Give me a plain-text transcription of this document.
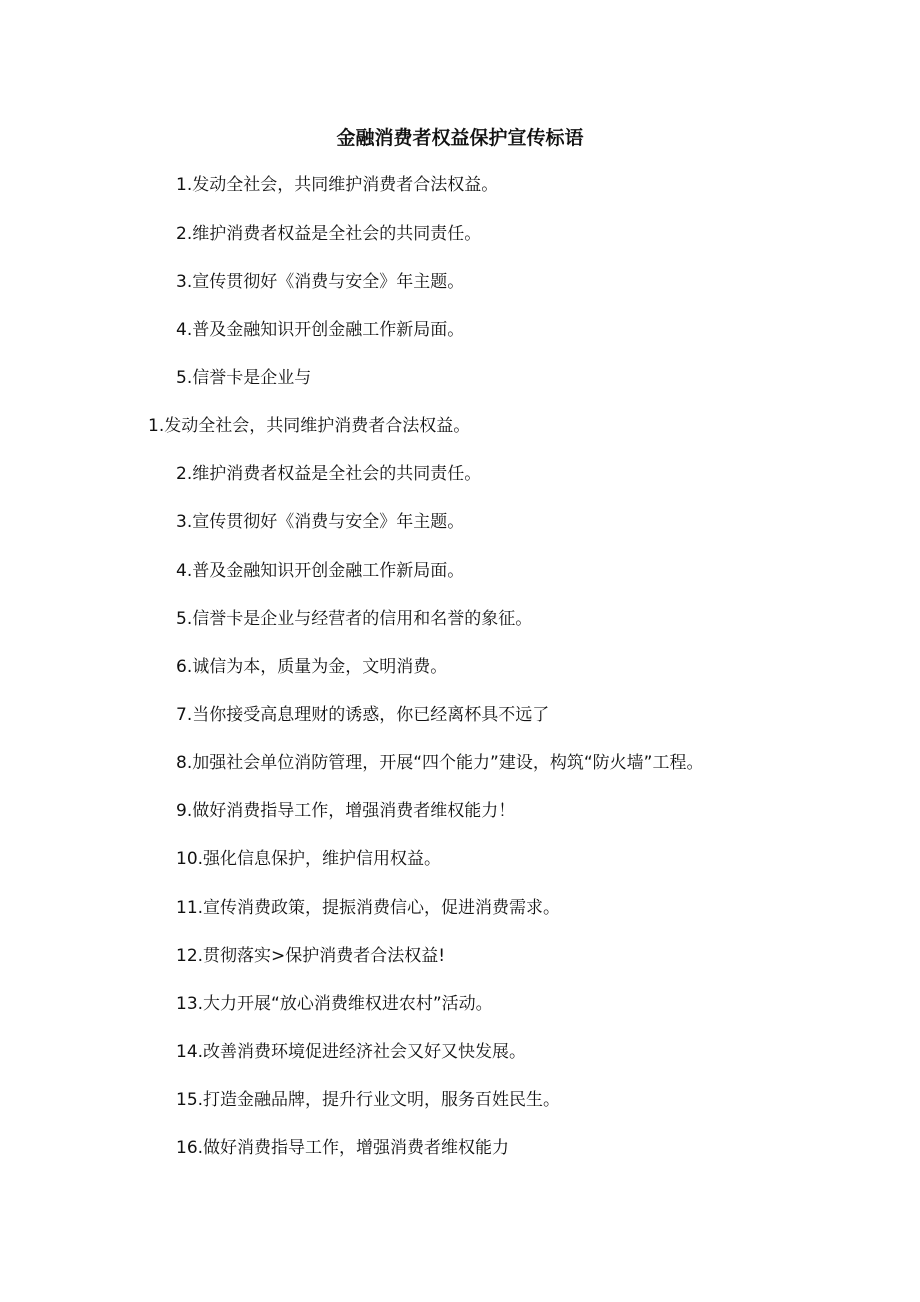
金融消费者权益保护宣传标语
1.发动全社会，共同维护消费者合法权益。
2.维护消费者权益是全社会的共同责任。
3.宣传贯彻好《消费与安全》年主题。
4.普及金融知识开创金融工作新局面。
5.信誉卡是企业与
1.发动全社会，共同维护消费者合法权益。
2.维护消费者权益是全社会的共同责任。
3.宣传贯彻好《消费与安全》年主题。
4.普及金融知识开创金融工作新局面。
5.信誉卡是企业与经营者的信用和名誉的象征。
6.诚信为本，质量为金，文明消费。
7.当你接受高息理财的诱惑，你已经离杯具不远了
8.加强社会单位消防管理，开展“四个能力”建设，构筑“防火墙”工程。
9.做好消费指导工作，增强消费者维权能力！
10.强化信息保护，维护信用权益。
11.宣传消费政策，提振消费信心，促进消费需求。
12.贯彻落实>保护消费者合法权益!
13.大力开展“放心消费维权进农村”活动。
14.改善消费环境促进经济社会又好又快发展。
15.打造金融品牌，提升行业文明，服务百姓民生。
16.做好消费指导工作，增强消费者维权能力
